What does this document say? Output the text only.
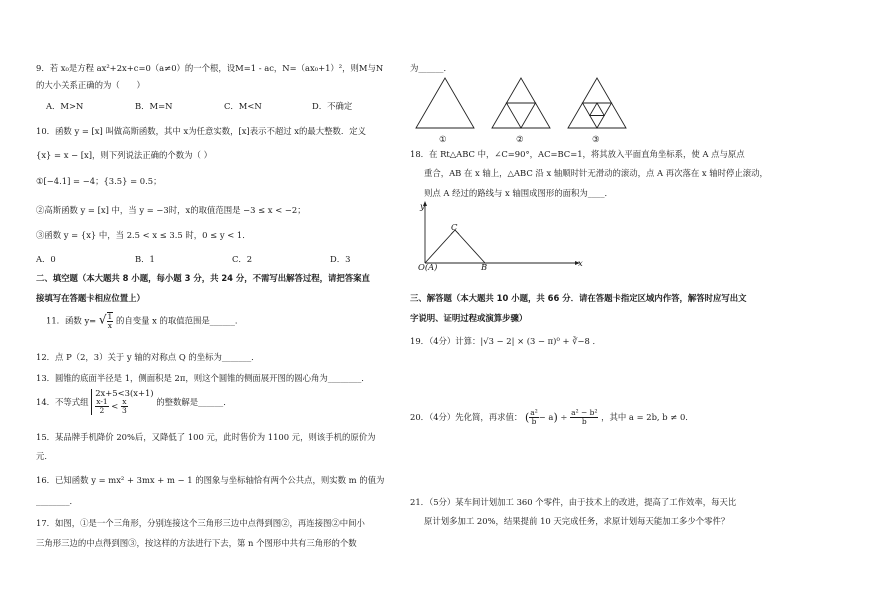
9．若 x₀是方程 ax²+2x+c=0（a≠0）的一个根，设M=1 - ac，N=（ax₀+1）²，则M与N
的大小关系正确的为（　　）
A．M>N	B．M=N	C．M<N	D．不确定
10．函数 y = [x] 叫做高斯函数，其中 x为任意实数，[x]表示不超过 x的最大整数．定义
{x} = x − [x]，则下列说法正确的个数为（ ）
①[−4.1] = −4；{3.5} = 0.5；
②高斯函数 y = [x] 中，当 y = −3时，x的取值范围是 −3 ≤ x < −2；
③函数 y = {x} 中，当 2.5 < x ≤ 3.5 时，0 ≤ y < 1．
A．0	B．1	C．2	D．3
二、填空题（本大题共 8 小题，每小题 3 分，共 24 分，不需写出解答过程，请把答案直
接填写在答题卡相应位置上）
11．函数 y= √ $\frac{1}{x}$ 的自变量 x 的取值范围是______．
12．点 P（2，3）关于 y 轴的对称点 Q 的坐标为_______．
13．圆锥的底面半径是 1，侧面积是 2π，则这个圆锥的侧面展开图的圆心角为________．
14．不等式组
2x+5<3(x+1)
$\frac{x-1}{2} < \frac{x}{3}$	的整数解是______．
15．某品牌手机降价 20%后，又降低了 100 元，此时售价为 1100 元，则该手机的原价为
元．
16．已知函数 y = mx² + 3mx + m − 1 的图象与坐标轴恰有两个公共点，则实数 m 的值为
________．
17．如图，①是一个三角形，分别连接这个三角形三边中点得到图②，再连接图②中间小
三角形三边的中点得到图③，按这样的方法进行下去，第 n 个图形中共有三角形的个数
为______．
①	②	③
18．在 Rt△ABC 中，∠C=90°，AC=BC=1，将其放入平面直角坐标系，使 A 点与原点
重合，AB 在 x 轴上，△ABC 沿 x 轴顺时针无滑动的滚动，点 A 再次落在 x 轴时停止滚动，
则点 A 经过的路线与 x 轴围成图形的面积为____．
y
x
O(A)	B
C
三、解答题（本大题共 10 小题，共 66 分．请在答题卡指定区域内作答，解答时应写出文
字说明、证明过程或演算步骤）
19．（4分）计算：|√3 − 2| × (3 − π)⁰ + ∛−8 ．
20．（4分）先化简，再求值： ( $\frac{\text{a²}}{b} - a) \div \frac{\text{a² − b²}}{b}$ ，其中 a = 2b, b ≠ 0．
21．（5分）某车间计划加工 360 个零件，由于技术上的改进，提高了工作效率，每天比
原计划多加工 20%，结果提前 10 天完成任务，求原计划每天能加工多少个零件？
